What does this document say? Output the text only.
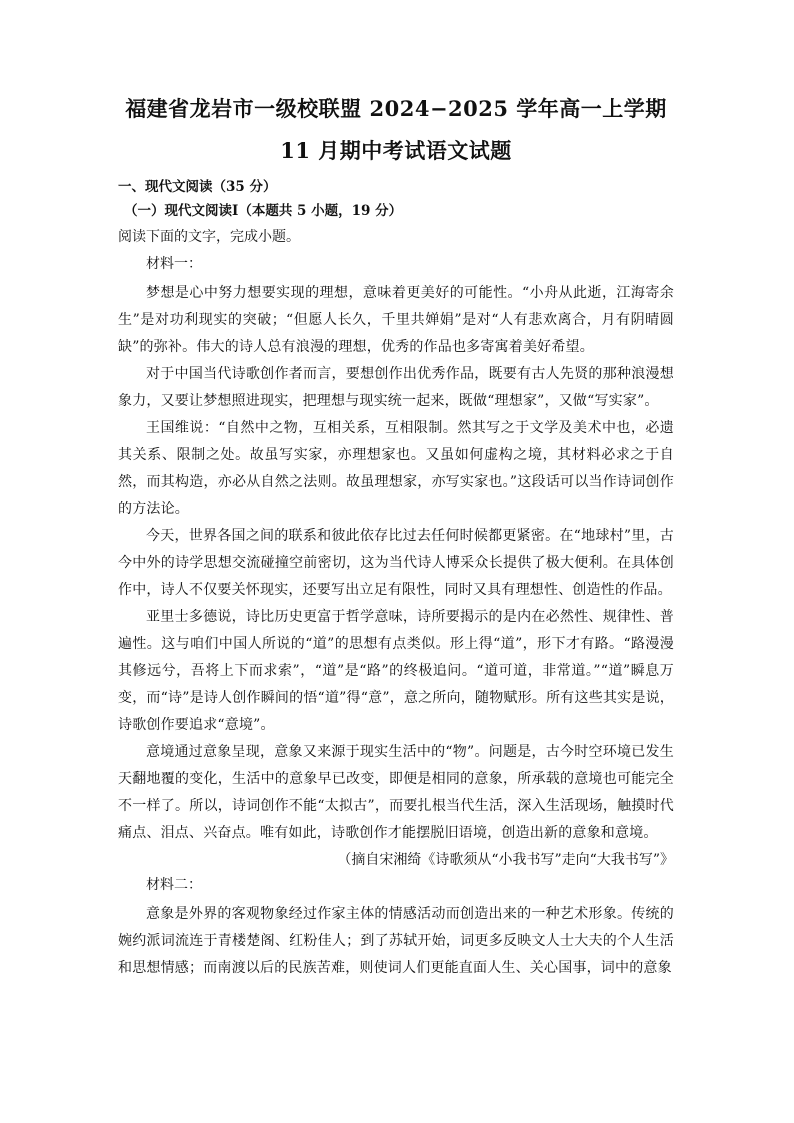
福建省龙岩市一级校联盟 2024−2025 学年高一上学期
11 月期中考试语文试题
一、现代文阅读（35 分）
（一）现代文阅读Ⅰ（本题共 5 小题，19 分）
阅读下面的文字，完成小题。
材料一：

梦想是心中努力想要实现的理想，意味着更美好的可能性。“小舟从此逝，江海寄余生”是对功利现实的突破；“但愿人长久，千里共婵娟”是对“人有悲欢离合，月有阴晴圆缺”的弥补。伟大的诗人总有浪漫的理想，优秀的作品也多寄寓着美好希望。

对于中国当代诗歌创作者而言，要想创作出优秀作品，既要有古人先贤的那种浪漫想象力，又要让梦想照进现实，把理想与现实统一起来，既做“理想家”，又做“写实家”。

王国维说：“自然中之物，互相关系，互相限制。然其写之于文学及美术中也，必遗其关系、限制之处。故虽写实家，亦理想家也。又虽如何虚构之境，其材料必求之于自然，而其构造，亦必从自然之法则。故虽理想家，亦写实家也。”这段话可以当作诗词创作的方法论。

今天，世界各国之间的联系和彼此依存比过去任何时候都更紧密。在“地球村”里，古今中外的诗学思想交流碰撞空前密切，这为当代诗人博采众长提供了极大便利。在具体创作中，诗人不仅要关怀现实，还要写出立足有限性，同时又具有理想性、创造性的作品。

亚里士多德说，诗比历史更富于哲学意味，诗所要揭示的是内在必然性、规律性、普遍性。这与咱们中国人所说的“道”的思想有点类似。形上得“道”，形下才有路。“路漫漫其修远兮，吾将上下而求索”，“道”是“路”的终极追问。“道可道，非常道。”“道”瞬息万变，而“诗”是诗人创作瞬间的悟“道”得“意”，意之所向，随物赋形。所有这些其实是说，诗歌创作要追求“意境”。

意境通过意象呈现，意象又来源于现实生活中的“物”。问题是，古今时空环境已发生天翻地覆的变化，生活中的意象早已改变，即便是相同的意象，所承载的意境也可能完全不一样了。所以，诗词创作不能“太拟古”，而要扎根当代生活，深入生活现场，触摸时代痛点、泪点、兴奋点。唯有如此，诗歌创作才能摆脱旧语境，创造出新的意象和意境。

（摘自宋湘绮《诗歌须从“小我书写”走向“大我书写”》

材料二：

意象是外界的客观物象经过作家主体的情感活动而创造出来的一种艺术形象。传统的婉约派词流连于青楼楚阁、红粉佳人；到了苏轼开始，词更多反映文人士大夫的个人生活和思想情感；而南渡以后的民族苦难，则使词人们更能直面人生、关心国事，词中的意象
